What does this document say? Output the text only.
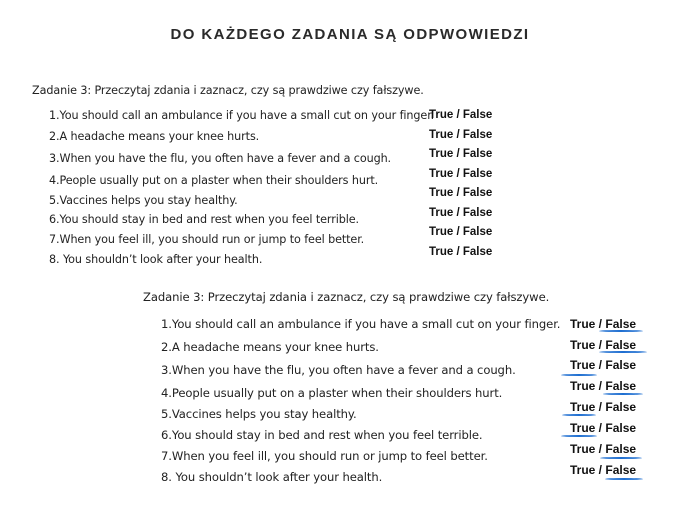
DO KAŻDEGO ZADANIA SĄ ODPWOWIEDZI
Zadanie 3: Przeczytaj zdania i zaznacz, czy są prawdziwe czy fałszywe.
1.You should call an ambulance if you have a small cut on your finger.
2.A headache means your knee hurts.
3.When you have the flu, you often have a fever and a cough.
4.People usually put on a plaster when their shoulders hurt.
5.Vaccines helps you stay healthy.
6.You should stay in bed and rest when you feel terrible.
7.When you feel ill, you should run or jump to feel better.
8. You shouldn’t look after your health.
True / False
True / False
True / False
True / False
True / False
True / False
True / False
True / False
Zadanie 3: Przeczytaj zdania i zaznacz, czy są prawdziwe czy fałszywe.
1.You should call an ambulance if you have a small cut on your finger.
2.A headache means your knee hurts.
3.When you have the flu, you often have a fever and a cough.
4.People usually put on a plaster when their shoulders hurt.
5.Vaccines helps you stay healthy.
6.You should stay in bed and rest when you feel terrible.
7.When you feel ill, you should run or jump to feel better.
8. You shouldn’t look after your health.
True / False
True / False
True / False
True / False
True / False
True / False
True / False
True / False
